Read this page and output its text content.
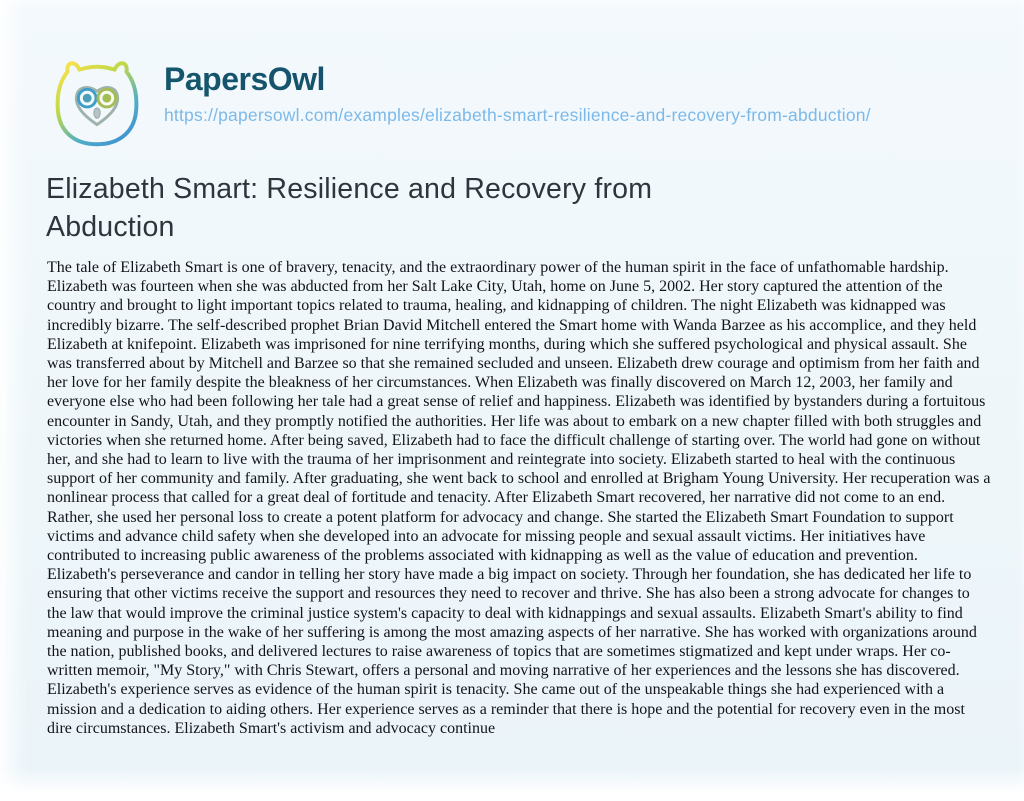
PapersOwl
https://papersowl.com/examples/elizabeth-smart-resilience-and-recovery-from-abduction/
Elizabeth Smart: Resilience and Recovery from Abduction

The tale of Elizabeth Smart is one of bravery, tenacity, and the extraordinary power of the human spirit in the face of unfathomable hardship. Elizabeth was fourteen when she was abducted from her Salt Lake City, Utah, home on June 5, 2002. Her story captured the attention of the country and brought to light important topics related to trauma, healing, and kidnapping of children. The night Elizabeth was kidnapped was incredibly bizarre. The self-described prophet Brian David Mitchell entered the Smart home with Wanda Barzee as his accomplice, and they held Elizabeth at knifepoint. Elizabeth was imprisoned for nine terrifying months, during which she suffered psychological and physical assault. She was transferred about by Mitchell and Barzee so that she remained secluded and unseen. Elizabeth drew courage and optimism from her faith and her love for her family despite the bleakness of her circumstances. When Elizabeth was finally discovered on March 12, 2003, her family and everyone else who had been following her tale had a great sense of relief and happiness. Elizabeth was identified by bystanders during a fortuitous encounter in Sandy, Utah, and they promptly notified the authorities. Her life was about to embark on a new chapter filled with both struggles and victories when she returned home. After being saved, Elizabeth had to face the difficult challenge of starting over. The world had gone on without her, and she had to learn to live with the trauma of her imprisonment and reintegrate into society. Elizabeth started to heal with the continuous support of her community and family. After graduating, she went back to school and enrolled at Brigham Young University. Her recuperation was a nonlinear process that called for a great deal of fortitude and tenacity. After Elizabeth Smart recovered, her narrative did not come to an end. Rather, she used her personal loss to create a potent platform for advocacy and change. She started the Elizabeth Smart Foundation to support victims and advance child safety when she developed into an advocate for missing people and sexual assault victims. Her initiatives have contributed to increasing public awareness of the problems associated with kidnapping as well as the value of education and prevention. Elizabeth's perseverance and candor in telling her story have made a big impact on society. Through her foundation, she has dedicated her life to ensuring that other victims receive the support and resources they need to recover and thrive. She has also been a strong advocate for changes to the law that would improve the criminal justice system's capacity to deal with kidnappings and sexual assaults. Elizabeth Smart's ability to find meaning and purpose in the wake of her suffering is among the most amazing aspects of her narrative. She has worked with organizations around the nation, published books, and delivered lectures to raise awareness of topics that are sometimes stigmatized and kept under wraps. Her co-written memoir, "My Story," with Chris Stewart, offers a personal and moving narrative of her experiences and the lessons she has discovered. Elizabeth's experience serves as evidence of the human spirit is tenacity. She came out of the unspeakable things she had experienced with a mission and a dedication to aiding others. Her experience serves as a reminder that there is hope and the potential for recovery even in the most dire circumstances. Elizabeth Smart's activism and advocacy continue
